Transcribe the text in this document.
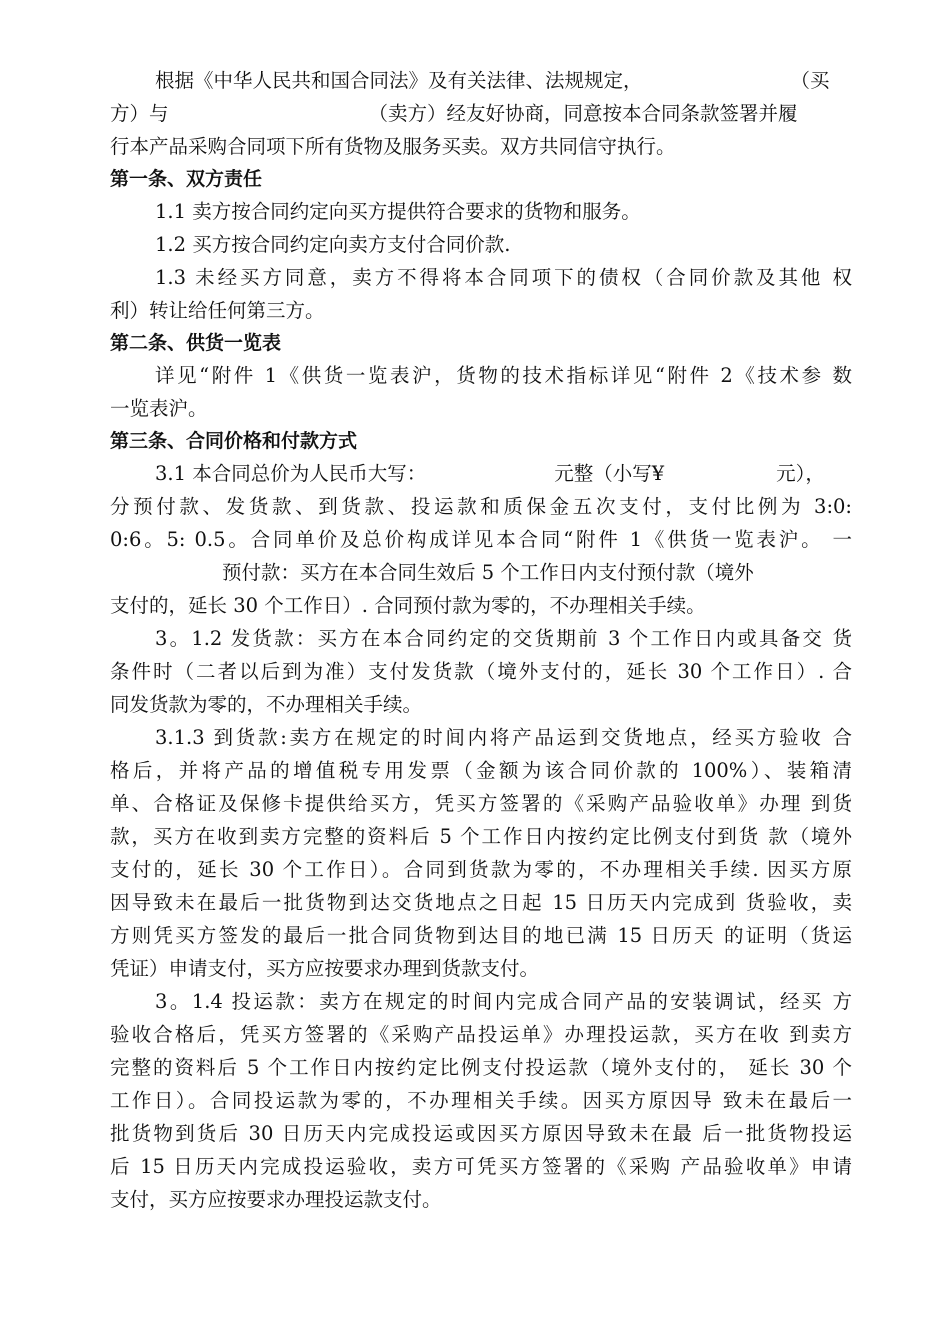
根据《中华人民共和国合同法》及有关法律、法规规定，	（买
方）与	（卖方）经友好协商，同意按本合同条款签署并履
行本产品采购合同项下所有货物及服务买卖。双方共同信守执行。
第一条、双方责任
1.1 卖方按合同约定向买方提供符合要求的货物和服务。
1.2 买方按合同约定向卖方支付合同价款.
1.3 未经买方同意，卖方不得将本合同项下的债权（合同价款及其他 权
利）转让给任何第三方。
第二条、供货一览表
详见“附件 1《供货一览表沪，货物的技术指标详见“附件 2《技术参 数
一览表沪。
第三条、合同价格和付款方式
3.1 本合同总价为人民币大写：	元整（小写¥	元），
分预付款、发货款、到货款、投运款和质保金五次支付，支付比例为 3:0:
0:6。5: 0.5。合同单价及总价构成详见本合同“附件 1《供货一览表沪。 一
预付款：买方在本合同生效后 5 个工作日内支付预付款（境外
支付的，延长 30 个工作日）. 合同预付款为零的，不办理相关手续。
3。1.2 发货款：买方在本合同约定的交货期前 3 个工作日内或具备交 货
条件时（二者以后到为准）支付发货款（境外支付的，延长 30 个工作日）. 合
同发货款为零的，不办理相关手续。
3.1.3 到货款:卖方在规定的时间内将产品运到交货地点，经买方验收 合
格后，并将产品的增值税专用发票（金额为该合同价款的 100%）、装箱清
单、合格证及保修卡提供给买方，凭买方签署的《采购产品验收单》办理 到货
款，买方在收到卖方完整的资料后 5 个工作日内按约定比例支付到货 款（境外
支付的，延长 30 个工作日）。合同到货款为零的，不办理相关手续. 因买方原
因导致未在最后一批货物到达交货地点之日起 15 日历天内完成到 货验收，卖
方则凭买方签发的最后一批合同货物到达目的地已满 15 日历天 的证明（货运
凭证）申请支付，买方应按要求办理到货款支付。
3。1.4 投运款：卖方在规定的时间内完成合同产品的安装调试，经买 方
验收合格后，凭买方签署的《采购产品投运单》办理投运款，买方在收 到卖方
完整的资料后 5 个工作日内按约定比例支付投运款（境外支付的， 延长 30 个
工作日）。合同投运款为零的，不办理相关手续。因买方原因导 致未在最后一
批货物到货后 30 日历天内完成投运或因买方原因导致未在最 后一批货物投运
后 15 日历天内完成投运验收，卖方可凭买方签署的《采购 产品验收单》申请
支付，买方应按要求办理投运款支付。
